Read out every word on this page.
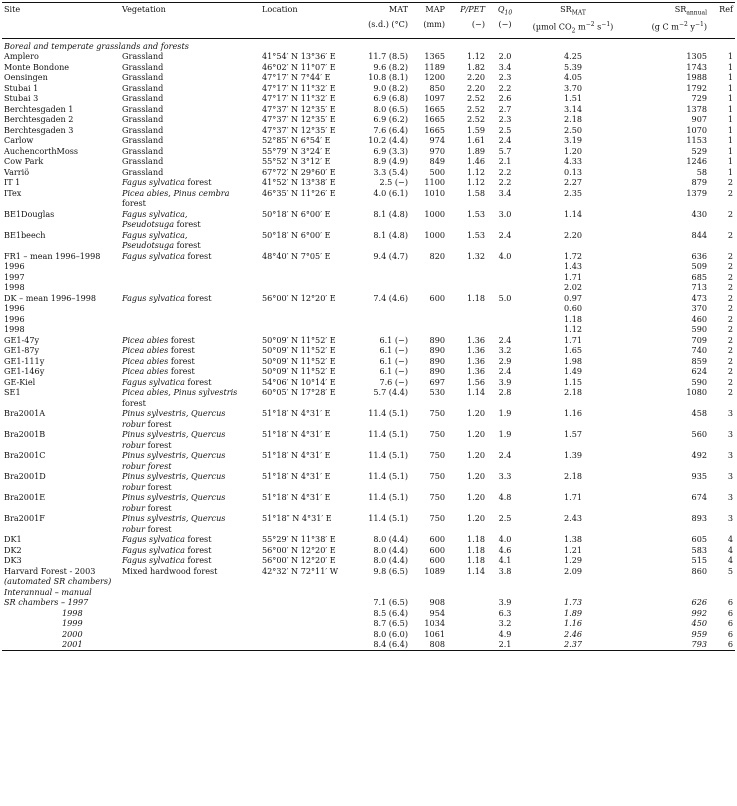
Site	Vegetation	Location	MAT	MAP	P/PET	$Q_{10}$	$SR_{MAT}$	$SR_{annual}$	Ref
			(s.d.) (°C)	(mm)	(−)	(−)	(µmol $CO_2$ $m^{-2}$ $s^{-1}$)	(g C $m^{-2}$ $y^{-1}$)	
Boreal and temperate grasslands and forests									
Amplero	Grassland	41°54′ N 13°36′ E	11.7 (8.5)	1365	1.12	2.0	4.25	1305	1
Monte Bondone	Grassland	46°02′ N 11°07′ E	9.6 (8.2)	1189	1.82	3.4	5.39	1743	1
Oensingen	Grassland	47°17′ N 7°44′ E	10.8 (8.1)	1200	2.20	2.3	4.05	1988	1
Stubai 1	Grassland	47°17′ N 11°32′ E	9.0 (8.2)	850	2.20	2.2	3.70	1792	1
Stubai 3	Grassland	47°17′ N 11°32′ E	6.9 (6.8)	1097	2.52	2.6	1.51	729	1
Berchtesgaden 1	Grassland	47°37′ N 12°35′ E	8.0 (6.5)	1665	2.52	2.7	3.14	1378	1
Berchtesgaden 2	Grassland	47°37′ N 12°35′ E	6.9 (6.2)	1665	2.52	2.3	2.18	907	1
Berchtesgaden 3	Grassland	47°37′ N 12°35′ E	7.6 (6.4)	1665	1.59	2.5	2.50	1070	1
Carlow	Grassland	52°85′ N 6°54′ E	10.2 (4.4)	974	1.61	2.4	3.19	1153	1
AuchencorthMoss	Grassland	55°79′ N 3°24′ E	6.9 (3.3)	970	1.89	5.7	1.20	529	1
Cow Park	Grassland	55°52′ N 3°12′ E	8.9 (4.9)	849	1.46	2.1	4.33	1246	1
Varriö	Grassland	67°72′ N 29°60′ E	3.3 (5.4)	500	1.12	2.2	0.13	58	1
IT 1	Fagus sylvatica forest	41°52′ N 13°38′ E	2.5 (−)	1100	1.12	2.2	2.27	879	2
ITex	Picea abies, Pinus cembra
forest	46°35′ N 11°26′ E	4.0 (6.1)	1010	1.58	3.4	2.35	1379	2
BE1Douglas	Fagus sylvatica,
Pseudotsuga forest	50°18′ N 6°00′ E	8.1 (4.8)	1000	1.53	3.0	1.14	430	2
BE1beech	Fagus sylvatica,
Pseudotsuga forest	50°18′ N 6°00′ E	8.1 (4.8)	1000	1.53	2.4	2.20	844	2
FR1 – mean 1996–1998	Fagus sylvatica forest	48°40′ N 7°05′ E	9.4 (4.7)	820	1.32	4.0	1.72	636	2
1996							1.43	509	2
1997							1.71	685	2
1998							2.02	713	2
DK – mean 1996–1998	Fagus sylvatica forest	56°00′ N 12°20′ E	7.4 (4.6)	600	1.18	5.0	0.97	473	2
1996							0.60	370	2
1996							1.18	460	2
1998							1.12	590	2
GE1-47y	Picea abies forest	50°09′ N 11°52′ E	6.1 (−)	890	1.36	2.4	1.71	709	2
GE1-87y	Picea abies forest	50°09′ N 11°52′ E	6.1 (−)	890	1.36	3.2	1.65	740	2
GE1-111y	Picea abies forest	50°09′ N 11°52′ E	6.1 (−)	890	1.36	2.9	1.98	859	2
GE1-146y	Picea abies forest	50°09′ N 11°52′ E	6.1 (−)	890	1.36	2.4	1.49	624	2
GE-Kiel	Fagus sylvatica forest	54°06′ N 10°14′ E	7.6 (−)	697	1.56	3.9	1.15	590	2
SE1	Picea abies, Pinus sylvestris
forest	60°05′ N 17°28′ E	5.7 (4.4)	530	1.14	2.8	2.18	1080	2
Bra2001A	Pinus sylvestris, Quercus
robur forest	51°18′ N 4°31′ E	11.4 (5.1)	750	1.20	1.9	1.16	458	3
Bra2001B	Pinus sylvestris, Quercus
robur forest	51°18′ N 4°31′ E	11.4 (5.1)	750	1.20	1.9	1.57	560	3
Bra2001C	Pinus sylvestris, Quercus
robur forest	51°18′ N 4°31′ E	11.4 (5.1)	750	1.20	2.4	1.39	492	3
Bra2001D	Pinus sylvestris, Quercus
robur forest	51°18′ N 4°31′ E	11.4 (5.1)	750	1.20	3.3	2.18	935	3
Bra2001E	Pinus sylvestris, Quercus
robur forest	51°18′ N 4°31′ E	11.4 (5.1)	750	1.20	4.8	1.71	674	3
Bra2001F	Pinus sylvestris, Quercus
robur forest	51°18″ N 4°31′ E	11.4 (5.1)	750	1.20	2.5	2.43	893	3
DK1	Fagus sylvatica forest	55°29′ N 11°38′ E	8.0 (4.4)	600	1.18	4.0	1.38	605	4
DK2	Fagus sylvatica forest	56°00′ N 12°20′ E	8.0 (4.4)	600	1.18	4.6	1.21	583	4
DK3	Fagus sylvatica forest	56°00′ N 12°20′ E	8.0 (4.4)	600	1.18	4.1	1.29	515	4
Harvard Forest - 2003
(automated SR chambers)	Mixed hardwood forest	42°32′ N 72°11′ W	9.8 (6.5)	1089	1.14	3.8	2.09	860	5
Interannual – manual									
SR chambers – 1997			7.1 (6.5)	908		3.9	1.73	626	6
1998			8.5 (6.4)	954		6.3	1.89	992	6
1999			8.7 (6.5)	1034		3.2	1.16	450	6
2000			8.0 (6.0)	1061		4.9	2.46	959	6
2001			8.4 (6.4)	808		2.1	2.37	793	6
